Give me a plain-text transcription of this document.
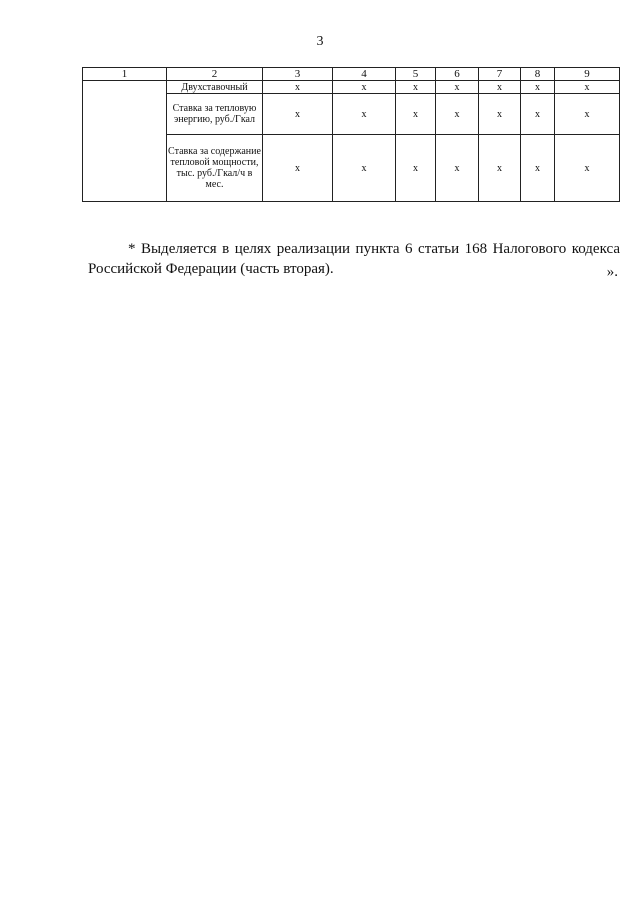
3
1	2	3	4	5	6	7	8	9
	Двухставочный	x	x	x	x	x	x	x
	Ставка за тепловую энергию, руб./Гкал	x	x	x	x	x	x	x
	Ставка за содержание тепловой мощности, тыс. руб./Гкал/ч в мес.	x	x	x	x	x	x	x

* Выделяется в целях реализации пункта 6 статьи 168 Налогового кодекса Российской Федерации (часть вторая).	».
